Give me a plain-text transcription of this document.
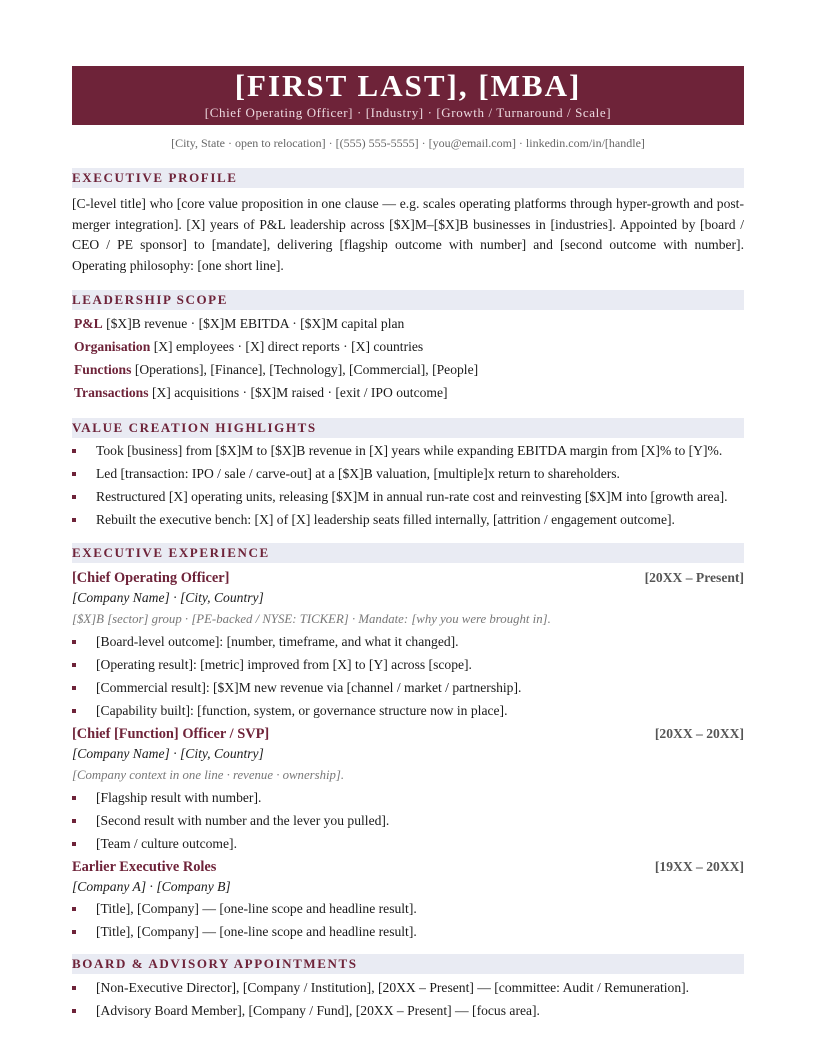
[FIRST LAST], [MBA]
[Chief Operating Officer] · [Industry] · [Growth / Turnaround / Scale]
[City, State · open to relocation] · [(555) 555-5555] · [you@email.com] · linkedin.com/in/[handle]
EXECUTIVE PROFILE

[C-level title] who [core value proposition in one clause — e.g. scales operating platforms through hyper-growth and post-merger integration]. [X] years of P&L leadership across [$X]M–[$X]B businesses in [industries]. Appointed by [board / CEO / PE sponsor] to [mandate], delivering [flagship outcome with number] and [second outcome with number]. Operating philosophy: [one short line].

LEADERSHIP SCOPE
P&L [$X]B revenue · [$X]M EBITDA · [$X]M capital plan
Organisation [X] employees · [X] direct reports · [X] countries
Functions [Operations], [Finance], [Technology], [Commercial], [People]
Transactions [X] acquisitions · [$X]M raised · [exit / IPO outcome]
VALUE CREATION HIGHLIGHTS
Took [business] from [$X]M to [$X]B revenue in [X] years while expanding EBITDA margin from [X]% to [Y]%.
Led [transaction: IPO / sale / carve-out] at a [$X]B valuation, [multiple]x return to shareholders.
Restructured [X] operating units, releasing [$X]M in annual run-rate cost and reinvesting [$X]M into [growth area].
Rebuilt the executive bench: [X] of [X] leadership seats filled internally, [attrition / engagement outcome].
EXECUTIVE EXPERIENCE
[Chief Operating Officer]	[20XX – Present]
[Company Name] · [City, Country]
[$X]B [sector] group · [PE-backed / NYSE: TICKER] · Mandate: [why you were brought in].
[Board-level outcome]: [number, timeframe, and what it changed].
[Operating result]: [metric] improved from [X] to [Y] across [scope].
[Commercial result]: [$X]M new revenue via [channel / market / partnership].
[Capability built]: [function, system, or governance structure now in place].
[Chief [Function] Officer / SVP]	[20XX – 20XX]
[Company Name] · [City, Country]
[Company context in one line · revenue · ownership].
[Flagship result with number].
[Second result with number and the lever you pulled].
[Team / culture outcome].
Earlier Executive Roles	[19XX – 20XX]
[Company A] · [Company B]
[Title], [Company] — [one-line scope and headline result].
[Title], [Company] — [one-line scope and headline result].
BOARD & ADVISORY APPOINTMENTS
[Non-Executive Director], [Company / Institution], [20XX – Present] — [committee: Audit / Remuneration].
[Advisory Board Member], [Company / Fund], [20XX – Present] — [focus area].
